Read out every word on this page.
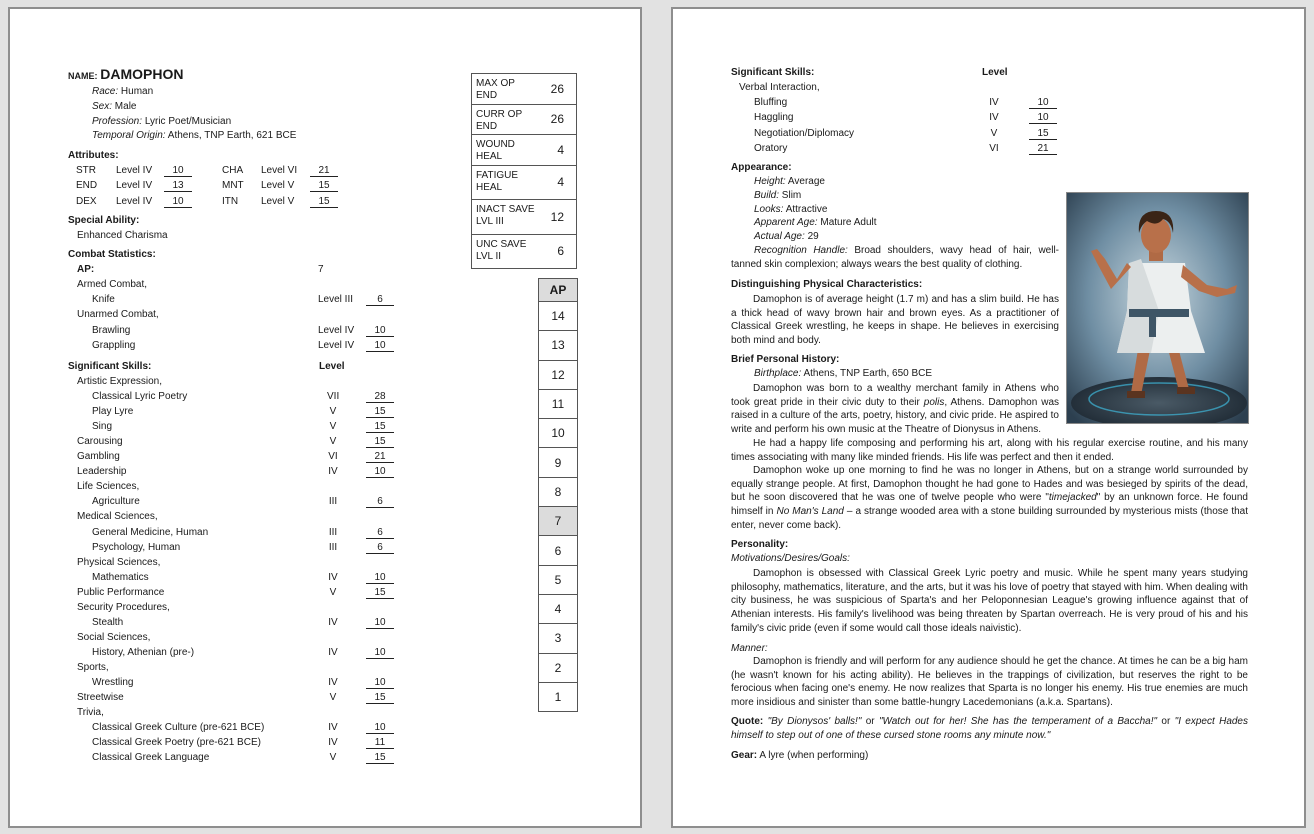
NAME: DAMOPHON
Race: Human
Sex: Male
Profession: Lyric Poet/Musician
Temporal Origin: Athens, TNP Earth, 621 BCE
Attributes:
STR Level IV	10
END Level IV	13
DEX Level IV	10
CHA Level VI	21
MNT Level V	15
ITN Level V	15
Special Ability:
Enhanced Charisma
Combat Statistics:
AP:	7
Armed Combat,
Knife	Level III	6
Unarmed Combat,
Brawling	Level IV	10
Grappling	Level IV	10
Significant Skills:	Level
Artistic Expression,
Classical Lyric Poetry	VII	28
Play Lyre	V	15
Sing	V	15
Carousing	V	15
Gambling	VI	21
Leadership	IV	10
Life Sciences,
Agriculture	III	6
Medical Sciences,
General Medicine, Human	III	6
Psychology, Human	III	6
Physical Sciences,
Mathematics	IV	10
Public Performance	V	15
Security Procedures,
Stealth	IV	10
Social Sciences,
History, Athenian (pre-)	IV	10
Sports,
Wrestling	IV	10
Streetwise	V	15
Trivia,
Classical Greek Culture (pre-621 BCE)	IV	10
Classical Greek Poetry (pre-621 BCE)	IV	11
Classical Greek Language	V	15
MAX OP END	26
CURR OP END	26
WOUND HEAL	4
FATIGUE HEAL	4
INACT SAVE LVL III	12
UNC SAVE LVL II	6
AP
14
13
12
11
10
9
8
7
6
5
4
3
2
1
Significant Skills:	Level
Verbal Interaction,
Bluffing	IV	10
Haggling	IV	10
Negotiation/Diplomacy	V	15
Oratory	VI	21
Appearance:
Height: Average
Build: Slim
Looks: Attractive
Apparent Age: Mature Adult
Actual Age: 29
Recognition Handle: Broad shoulders, wavy head of hair, well-tanned skin complexion; always wears the best quality of clothing.
Distinguishing Physical Characteristics:
Damophon is of average height (1.7 m) and has a slim build. He has a thick head of wavy brown hair and brown eyes. As a practitioner of Classical Greek wrestling, he keeps in shape. He believes in exercising both mind and body.
Brief Personal History:
Birthplace: Athens, TNP Earth, 650 BCE
Damophon was born to a wealthy merchant family in Athens who took great pride in their civic duty to their polis, Athens. Damophon was raised in a culture of the arts, poetry, history, and civic pride. He aspired to write and perform his own music at the Theatre of Dionysus in Athens.
He had a happy life composing and performing his art, along with his regular exercise routine, and his many times associating with many like minded friends. His life was perfect and then it ended.
Damophon woke up one morning to find he was no longer in Athens, but on a strange world surrounded by equally strange people. At first, Damophon thought he had gone to Hades and was besieged by spirits of the dead, but he soon discovered that he was one of twelve people who were "timejacked" by an unknown force. He found himself in No Man's Land – a strange wooded area with a stone building surrounded by mysterious mists (those that enter, never come back).
Personality:
Motivations/Desires/Goals:
Damophon is obsessed with Classical Greek Lyric poetry and music. While he spent many years studying philosophy, mathematics, literature, and the arts, but it was his love of poetry that stayed with him. When dealing with city business, he was suspicious of Sparta's and her Peloponnesian League's growing influence against that of Athenian interests. His family's livelihood was being threaten by Spartan overreach. He is very proud of his and his family's civic pride (even if some would call those ideals naivistic).
Manner:
Damophon is friendly and will perform for any audience should he get the chance. At times he can be a big ham (he wasn't known for his acting ability). He believes in the trappings of civilization, but reserves the right to be ferocious when facing one's enemy. He now realizes that Sparta is no longer his enemy. His true enemies are much more insidious and sinister than some battle-hungry Lacedemonians (a.k.a. Spartans).
Quote: "By Dionysos' balls!" or "Watch out for her! She has the temperament of a Baccha!" or "I expect Hades himself to step out of one of these cursed stone rooms any minute now."
Gear: A lyre (when performing)
